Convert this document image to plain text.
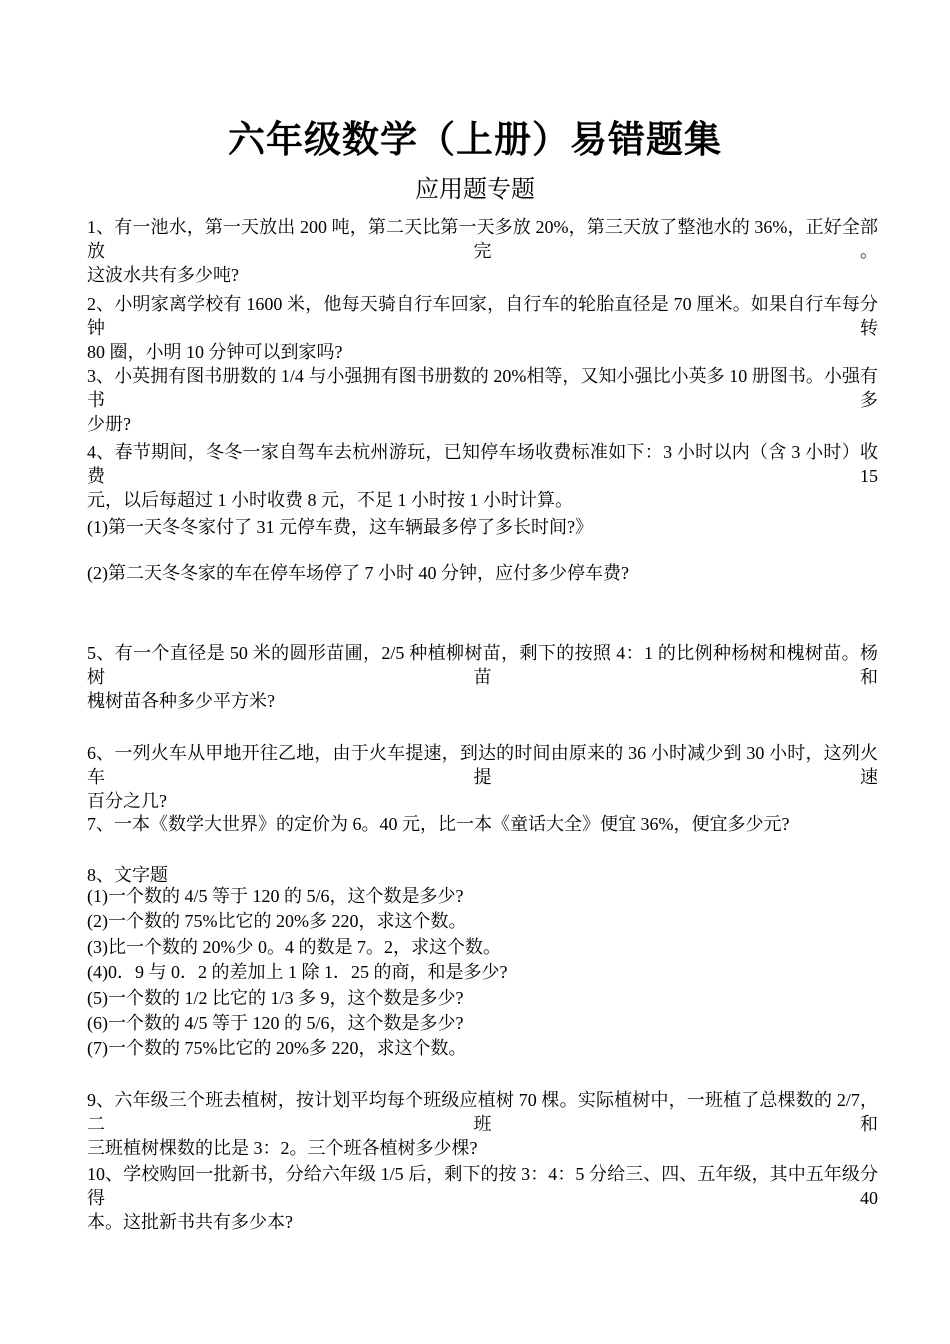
六年级数学（上册）易错题集
应用题专题
1、有一池水，第一天放出 200 吨，第二天比第一天多放 20%，第三天放了整池水的 36%，正好全部放完。
这波水共有多少吨?
2、小明家离学校有 1600 米，他每天骑自行车回家，自行车的轮胎直径是 70 厘米。如果自行车每分钟转
80 圈，小明 10 分钟可以到家吗?
3、小英拥有图书册数的 1/4 与小强拥有图书册数的 20%相等，又知小强比小英多 10 册图书。小强有书多
少册?
4、春节期间，冬冬一家自驾车去杭州游玩，已知停车场收费标准如下：3 小时以内（含 3 小时）收费 15
元，以后每超过 1 小时收费 8 元，不足 1 小时按 1 小时计算。
(1)第一天冬冬家付了 31 元停车费，这车辆最多停了多长时间?》
(2)第二天冬冬家的车在停车场停了 7 小时 40 分钟，应付多少停车费?
5、有一个直径是 50 米的圆形苗圃，2/5 种植柳树苗，剩下的按照 4：1 的比例种杨树和槐树苗。杨树苗和
槐树苗各种多少平方米?
6、一列火车从甲地开往乙地，由于火车提速，到达的时间由原来的 36 小时减少到 30 小时，这列火车提速
百分之几?
7、一本《数学大世界》的定价为 6。40 元，比一本《童话大全》便宜 36%，便宜多少元?
8、文字题
(1)一个数的 4/5 等于 120 的 5/6，这个数是多少?
(2)一个数的 75%比它的 20%多 220，求这个数。
(3)比一个数的 20%少 0。4 的数是 7。2，求这个数。
(4)0．9 与 0．2 的差加上 1 除 1．25 的商，和是多少?
(5)一个数的 1/2 比它的 1/3 多 9，这个数是多少?
(6)一个数的 4/5 等于 120 的 5/6，这个数是多少?
(7)一个数的 75%比它的 20%多 220，求这个数。
9、六年级三个班去植树，按计划平均每个班级应植树 70 棵。实际植树中，一班植了总棵数的 2/7，二班和
三班植树棵数的比是 3：2。三个班各植树多少棵?
10、学校购回一批新书，分给六年级 1/5 后，剩下的按 3：4：5 分给三、四、五年级，其中五年级分得 40
本。这批新书共有多少本?
